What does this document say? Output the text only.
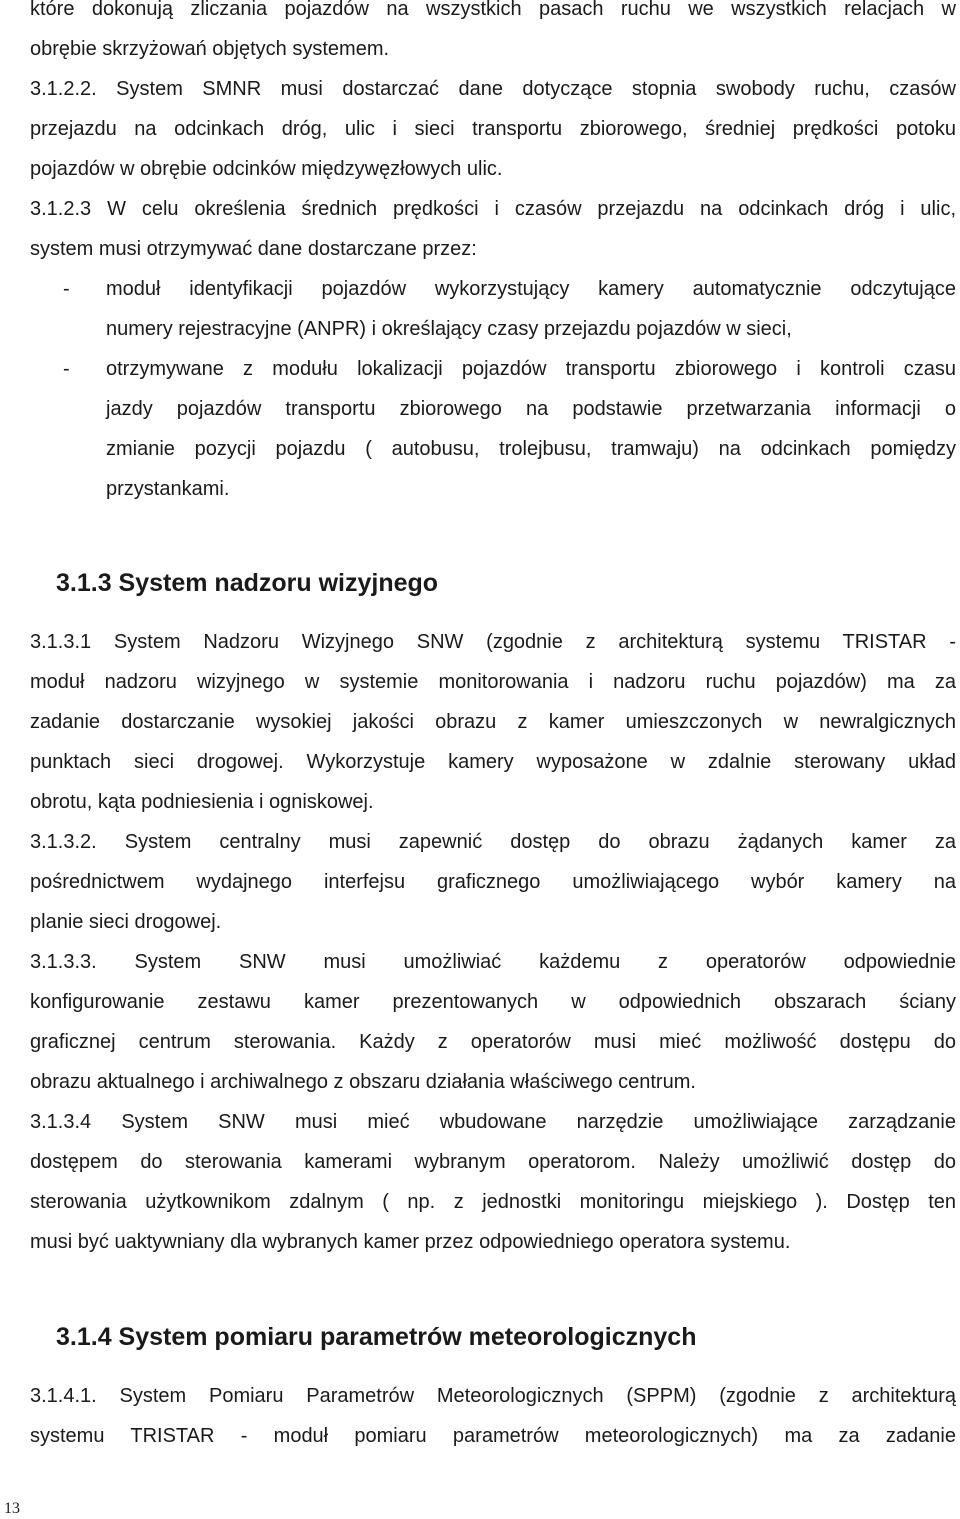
które dokonują zliczania pojazdów na wszystkich pasach ruchu we wszystkich relacjach w

obrębie skrzyżowań objętych systemem.

3.1.2.2. System SMNR musi dostarczać dane dotyczące stopnia swobody ruchu, czasów

przejazdu na odcinkach dróg, ulic i sieci transportu zbiorowego, średniej prędkości potoku

pojazdów w obrębie odcinków międzywęzłowych ulic.

3.1.2.3 W celu określenia średnich prędkości i czasów przejazdu na odcinkach dróg i ulic,

system musi otrzymywać dane dostarczane przez:

- moduł identyfikacji pojazdów wykorzystujący kamery automatycznie odczytujące

numery rejestracyjne (ANPR) i określający czasy przejazdu pojazdów w sieci,

- otrzymywane z modułu lokalizacji pojazdów transportu zbiorowego i kontroli czasu

jazdy pojazdów transportu zbiorowego na podstawie przetwarzania informacji o

zmianie pozycji pojazdu ( autobusu, trolejbusu, tramwaju) na odcinkach pomiędzy

przystankami.

3.1.3 System nadzoru wizyjnego

3.1.3.1 System Nadzoru Wizyjnego SNW (zgodnie z architekturą systemu TRISTAR -

moduł nadzoru wizyjnego w systemie monitorowania i nadzoru ruchu pojazdów) ma za

zadanie dostarczanie wysokiej jakości obrazu z kamer umieszczonych w newralgicznych

punktach sieci drogowej. Wykorzystuje kamery wyposażone w zdalnie sterowany układ

obrotu, kąta podniesienia i ogniskowej.

3.1.3.2. System centralny musi zapewnić dostęp do obrazu żądanych kamer za

pośrednictwem wydajnego interfejsu graficznego umożliwiającego wybór kamery na

planie sieci drogowej.

3.1.3.3. System SNW musi umożliwiać każdemu z operatorów odpowiednie

konfigurowanie zestawu kamer prezentowanych w odpowiednich obszarach ściany

graficznej centrum sterowania. Każdy z operatorów musi mieć możliwość dostępu do

obrazu aktualnego i archiwalnego z obszaru działania właściwego centrum.

3.1.3.4 System SNW musi mieć wbudowane narzędzie umożliwiające zarządzanie

dostępem do sterowania kamerami wybranym operatorom. Należy umożliwić dostęp do

sterowania użytkownikom zdalnym ( np. z jednostki monitoringu miejskiego ). Dostęp ten

musi być uaktywniany dla wybranych kamer przez odpowiedniego operatora systemu.

3.1.4 System pomiaru parametrów meteorologicznych

3.1.4.1. System Pomiaru Parametrów Meteorologicznych (SPPM) (zgodnie z architekturą

systemu TRISTAR - moduł pomiaru parametrów meteorologicznych) ma za zadanie

13
